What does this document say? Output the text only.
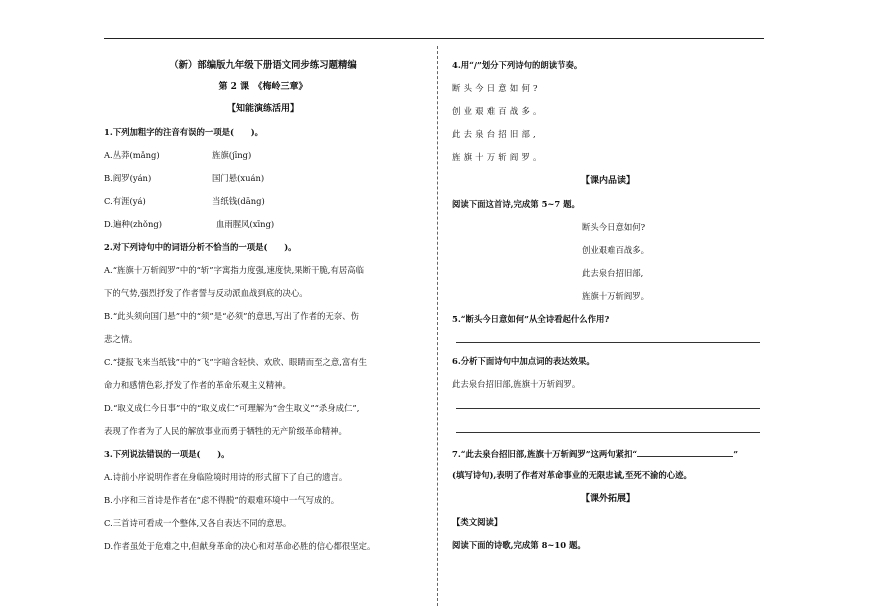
（新）部编版九年级下册语文同步练习题精编
第 2 课　《梅岭三章》
【知能演练活用】
1.下列加粗字的注音有误的一项是(　　)。
A.丛莽(mǎng)	旌旗(jīng)
B.阎罗(yán)	国门悬(xuán)
C.有涯(yá)	当纸钱(dāng)
D.遍种(zhǒng)	血雨腥风(xīng)
2.对下列诗句中的词语分析不恰当的一项是(　　)。
A.“旌旗十万斩阎罗”中的“斩”字寓指力度强,速度快,果断干脆,有居高临
下的气势,强烈抒发了作者誓与反动派血战到底的决心。
B.“此头须向国门悬”中的“须”是“必须”的意思,写出了作者的无奈、伤
悲之情。
C.“捷报飞来当纸钱”中的“飞”字暗含轻快、欢欣、眼睛而至之意,富有生
命力和感情色彩,抒发了作者的革命乐观主义精神。
D.“取义成仁今日事”中的“取义成仁”可理解为“舍生取义”“杀身成仁”,
表现了作者为了人民的解放事业而勇于牺牲的无产阶级革命精神。
3.下列说法错误的一项是(　　)。
A.诗前小序说明作者在身临险境时用诗的形式留下了自己的遗言。
B.小序和三首诗是作者在“虑不得脱”的艰难环境中一气写成的。
C.三首诗可看成一个整体,又各自表达不同的意思。
D.作者虽处于危难之中,但献身革命的决心和对革命必胜的信心都很坚定。
4.用“/”划分下列诗句的朗读节奏。
断头今日意如何?
创业艰难百战多。
此去泉台招旧部,
旌旗十万斩阎罗。
【课内品读】
阅读下面这首诗,完成第 5~7 题。
断头今日意如何?
创业艰难百战多。
此去泉台招旧部,
旌旗十万斩阎罗。
5.“断头今日意如何”从全诗看起什么作用?
6.分析下面诗句中加点词的表达效果。
此去泉台招旧部,旌旗十万斩阎罗。
7.“此去泉台招旧部,旌旗十万斩阎罗”这两句紧扣“	”
(填写诗句),表明了作者对革命事业的无限忠诚,至死不渝的心迹。
【课外拓展】
【类文阅读】
阅读下面的诗歌,完成第 8~10 题。
